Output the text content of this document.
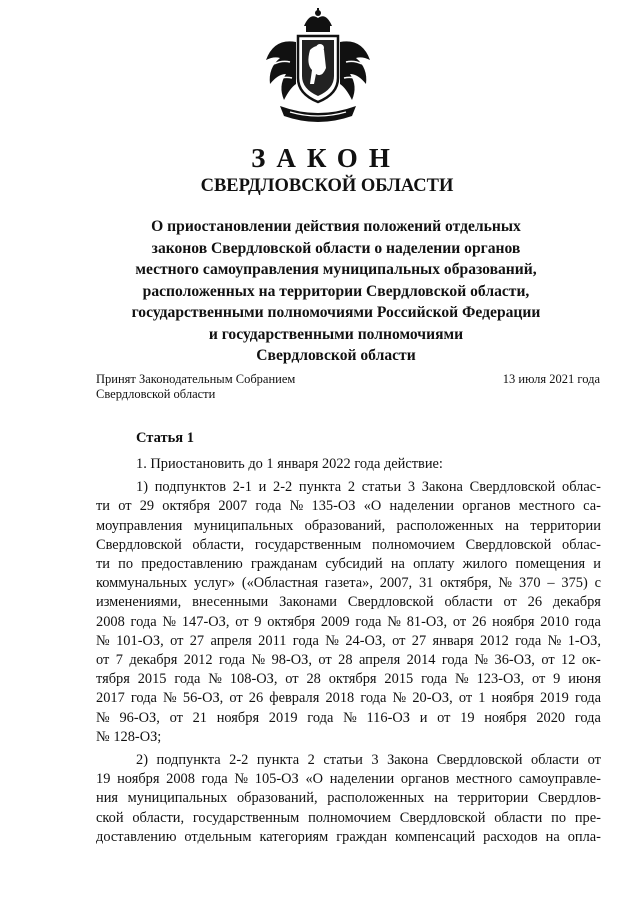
ЗАКОН
СВЕРДЛОВСКОЙ ОБЛАСТИ
О приостановлении действия положений отдельных
законов Свердловской области о наделении органов
местного самоуправления муниципальных образований,
расположенных на территории Свердловской области,
государственными полномочиями Российской Федерации
и государственными полномочиями
Свердловской области
Принят Законодательным Собранием
Свердловской области
13 июля 2021 года
Статья 1
1. Приостановить до 1 января 2022 года действие:
1) подпунктов 2-1 и 2-2 пункта 2 статьи 3 Закона Свердловской облас-
ти от 29 октября 2007 года № 135-ОЗ «О наделении органов местного са-
моуправления муниципальных образований, расположенных на территории
Свердловской области, государственным полномочием Свердловской облас-
ти по предоставлению гражданам субсидий на оплату жилого помещения и
коммунальных услуг» («Областная газета», 2007, 31 октября, № 370 – 375) с
изменениями, внесенными Законами Свердловской области от 26 декабря
2008 года № 147-ОЗ, от 9 октября 2009 года № 81-ОЗ, от 26 ноября 2010 года
№ 101-ОЗ, от 27 апреля 2011 года № 24-ОЗ, от 27 января 2012 года № 1-ОЗ,
от 7 декабря 2012 года № 98-ОЗ, от 28 апреля 2014 года № 36-ОЗ, от 12 ок-
тября 2015 года № 108-ОЗ, от 28 октября 2015 года № 123-ОЗ, от 9 июня
2017 года № 56-ОЗ, от 26 февраля 2018 года № 20-ОЗ, от 1 ноября 2019 года
№ 96-ОЗ, от 21 ноября 2019 года № 116-ОЗ и от 19 ноября 2020 года
№ 128-ОЗ;
2) подпункта 2-2 пункта 2 статьи 3 Закона Свердловской области от
19 ноября 2008 года № 105-ОЗ «О наделении органов местного самоуправле-
ния муниципальных образований, расположенных на территории Свердлов-
ской области, государственным полномочием Свердловской области по пре-
доставлению отдельным категориям граждан компенсаций расходов на опла-
